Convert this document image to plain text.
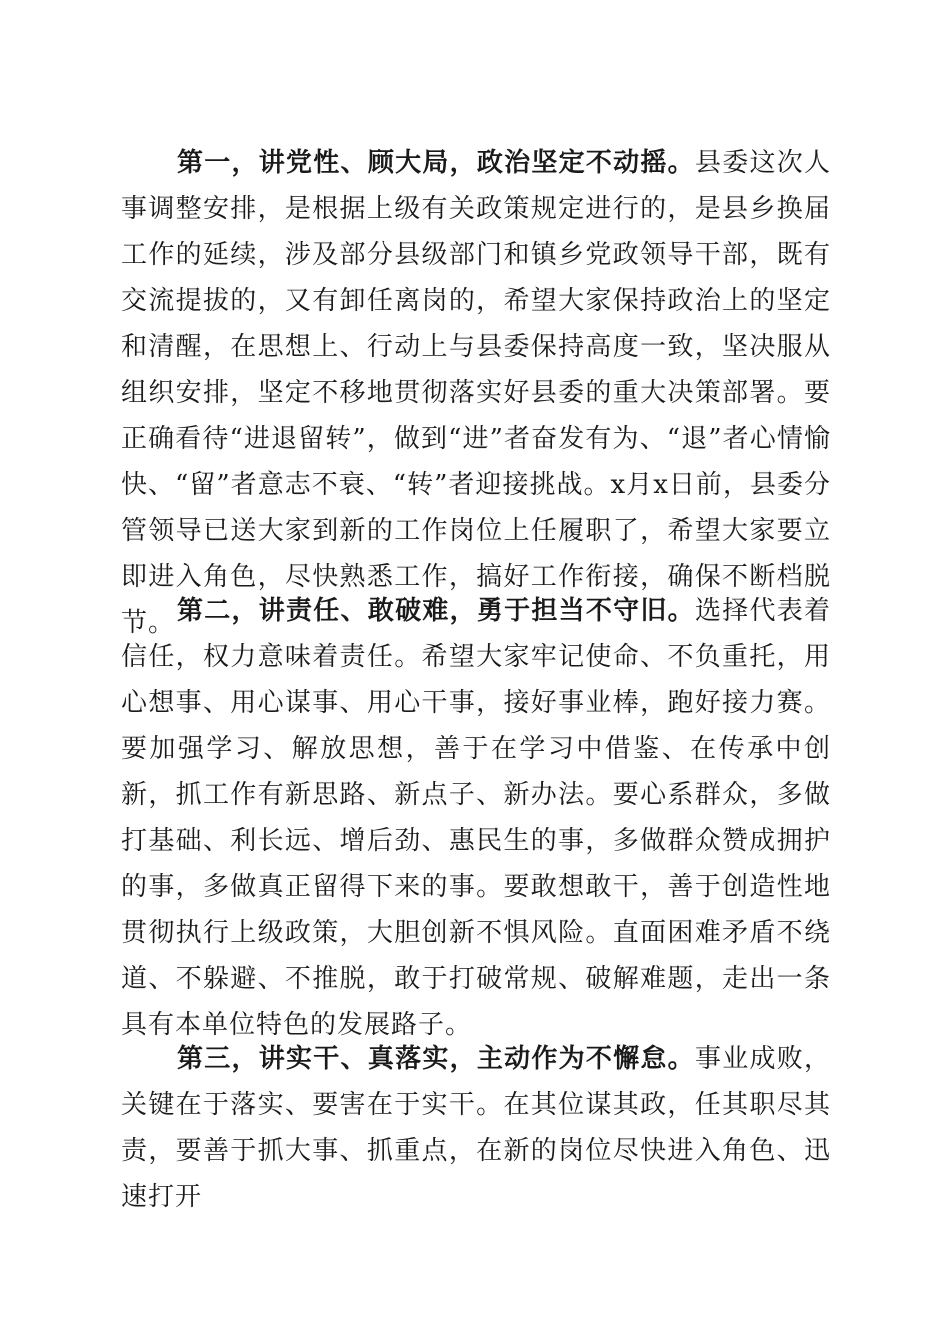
第一，讲党性、顾大局，政治坚定不动摇。县委这次人事调整安排，是根据上级有关政策规定进行的，是县乡换届工作的延续，涉及部分县级部门和镇乡党政领导干部，既有交流提拔的，又有卸任离岗的，希望大家保持政治上的坚定和清醒，在思想上、行动上与县委保持高度一致，坚决服从组织安排，坚定不移地贯彻落实好县委的重大决策部署。要正确看待“进退留转”，做到“进”者奋发有为、“退”者心情愉快、“留”者意志不衰、“转”者迎接挑战。x月x日前，县委分管领导已送大家到新的工作岗位上任履职了，希望大家要立即进入角色，尽快熟悉工作，搞好工作衔接，确保不断档脱节。 第二，讲责任、敢破难，勇于担当不守旧。选择代表着信任，权力意味着责任。希望大家牢记使命、不负重托，用心想事、用心谋事、用心干事，接好事业棒，跑好接力赛。要加强学习、解放思想，善于在学习中借鉴、在传承中创新，抓工作有新思路、新点子、新办法。要心系群众，多做打基础、利长远、增后劲、惠民生的事，多做群众赞成拥护的事，多做真正留得下来的事。要敢想敢干，善于创造性地贯彻执行上级政策，大胆创新不惧风险。直面困难矛盾不绕道、不躲避、不推脱，敢于打破常规、破解难题，走出一条具有本单位特色的发展路子。

第三，讲实干、真落实，主动作为不懈怠。事业成败，关键在于落实、要害在于实干。在其位谋其政，任其职尽其责，要善于抓大事、抓重点，在新的岗位尽快进入角色、迅速打开
